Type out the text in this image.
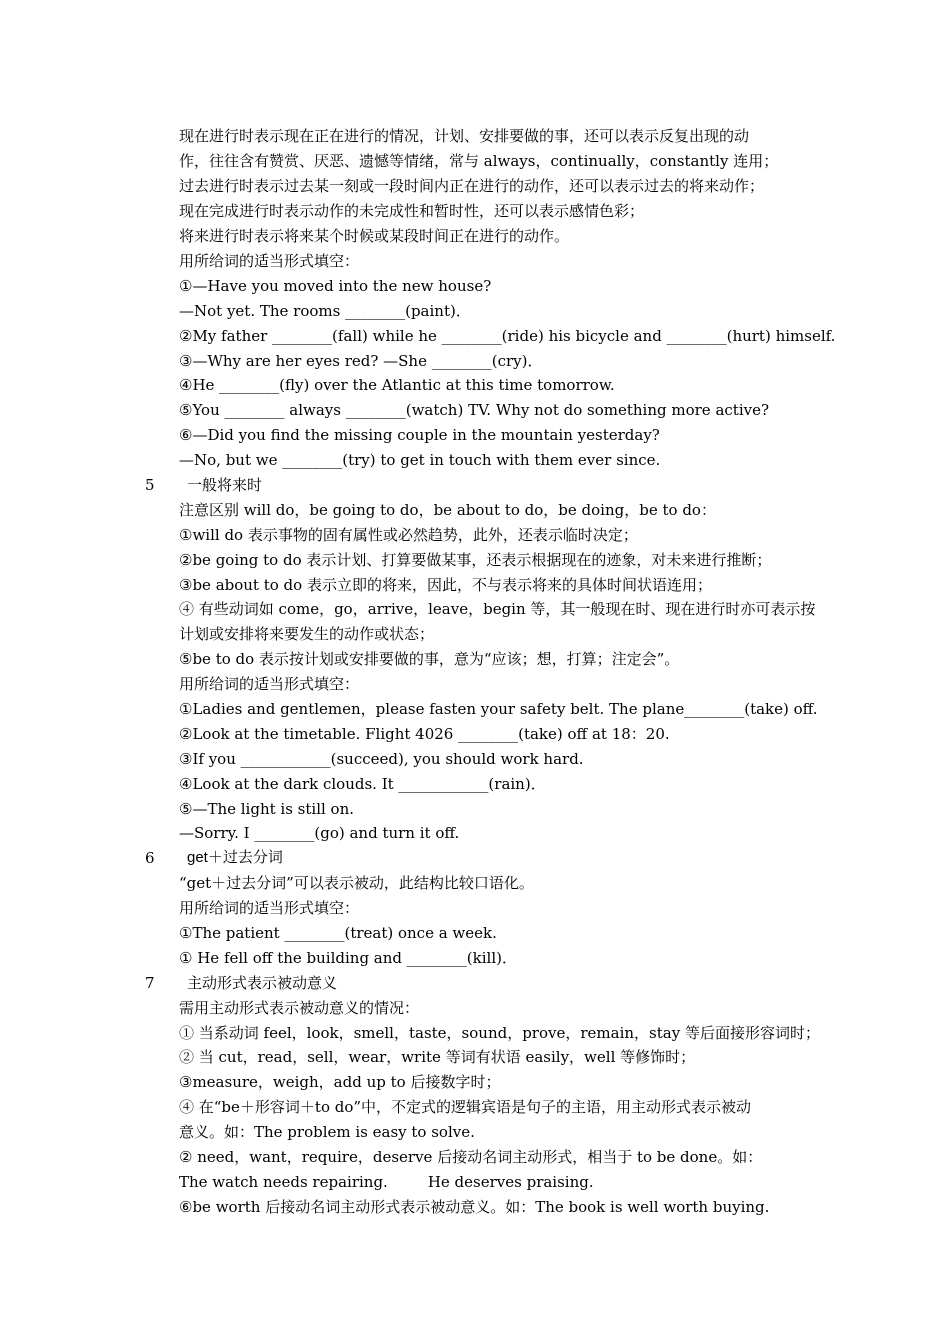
现在进行时表示现在正在进行的情况，计划、安排要做的事，还可以表示反复出现的动
作，往往含有赞赏、厌恶、遗憾等情绪，常与 always，continually，constantly 连用；
过去进行时表示过去某一刻或一段时间内正在进行的动作，还可以表示过去的将来动作；
现在完成进行时表示动作的未完成性和暂时性，还可以表示感情色彩；
将来进行时表示将来某个时候或某段时间正在进行的动作。
用所给词的适当形式填空：
①—Have you moved into the new house?
—Not yet. The rooms ________(paint)．
②My father ________(fall) while he ________(ride) his bicycle and ________(hurt) himself.
③—Why are her eyes red? —She ________(cry)．
④He ________(fly) over the Atlantic at this time tomorrow.
⑤You ________ always ________(watch) TV. Why not do something more active?
⑥—Did you find the missing couple in the mountain yesterday?
—No, but we ________(try) to get in touch with them ever since.
5 一般将来时
注意区别 will do，be going to do，be about to do，be doing，be to do：
①will do 表示事物的固有属性或必然趋势，此外，还表示临时决定；
②be going to do 表示计划、打算要做某事，还表示根据现在的迹象，对未来进行推断；
③be about to do 表示立即的将来，因此，不与表示将来的具体时间状语连用；
④ 有些动词如 come，go，arrive，leave，begin 等，其一般现在时、现在进行时亦可表示按
计划或安排将来要发生的动作或状态；
⑤be to do 表示按计划或安排要做的事，意为“应该；想，打算；注定会”。
用所给词的适当形式填空：
①Ladies and gentlemen，please fasten your safety belt. The plane________(take) off.
②Look at the timetable. Flight 4026 ________(take) off at 18：20.
③If you ____________(succeed), you should work hard.
④Look at the dark clouds. It ____________(rain)．
⑤—The light is still on.
—Sorry. I ________(go) and turn it off.
6 get＋过去分词
“get＋过去分词”可以表示被动，此结构比较口语化。
用所给词的适当形式填空：
①The patient ________(treat) once a week.
① He fell off the building and ________(kill)．
7 主动形式表示被动意义
需用主动形式表示被动意义的情况：
① 当系动词 feel，look，smell，taste，sound，prove，remain，stay 等后面接形容词时；
② 当 cut，read，sell，wear，write 等词有状语 easily，well 等修饰时；
③measure，weigh，add up to 后接数字时；
④ 在“be＋形容词＋to do”中，不定式的逻辑宾语是句子的主语，用主动形式表示被动
意义。如：The problem is easy to solve.
② need，want，require，deserve 后接动名词主动形式，相当于 to be done。如：
The watch needs repairing.	He deserves praising.
⑥be worth 后接动名词主动形式表示被动意义。如：The book is well worth buying.
